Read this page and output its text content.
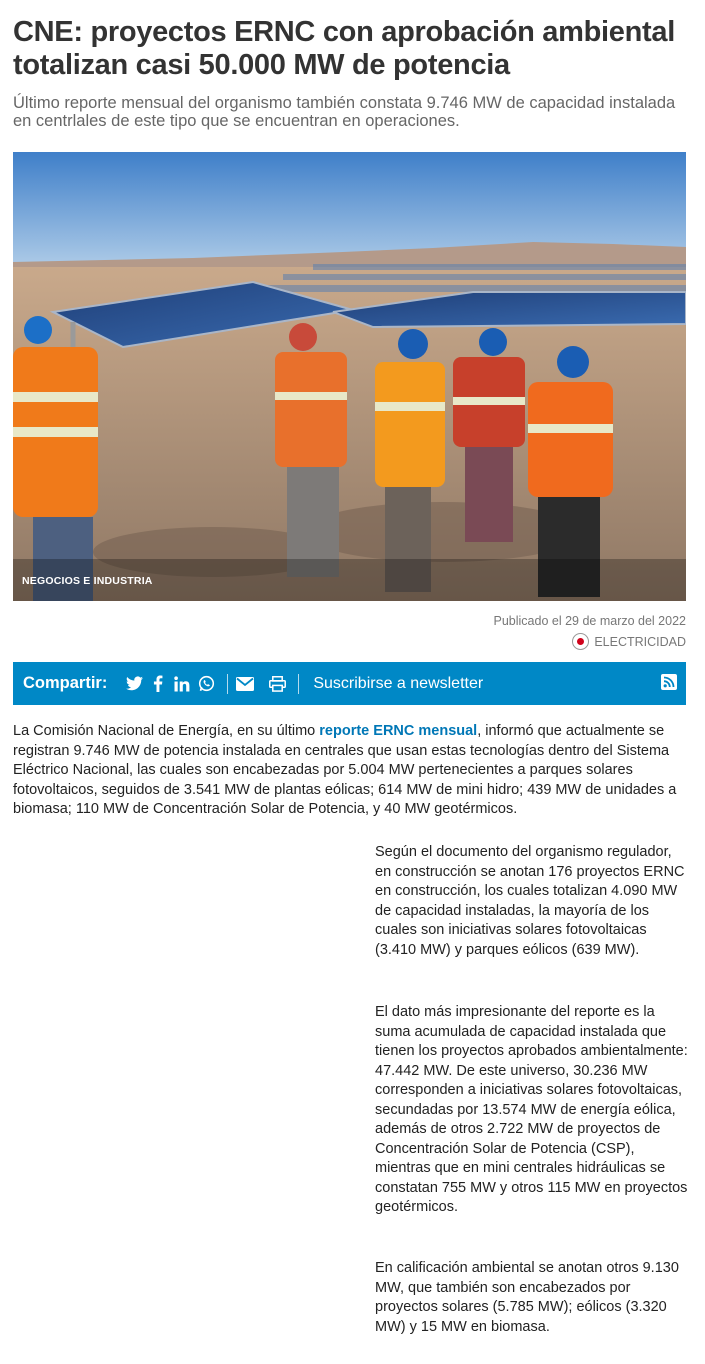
CNE: proyectos ERNC con aprobación ambiental totalizan casi 50.000 MW de potencia

Último reporte mensual del organismo también constata 9.746 MW de capacidad instalada en centrlales de este tipo que se encuentran en operaciones.

NEGOCIOS E INDUSTRIA
Publicado el 29 de marzo del 2022
ELECTRICIDAD
Compartir:	Suscribirse a newsletter

La Comisión Nacional de Energía, en su último reporte ERNC mensual, informó que actualmente se registran 9.746 MW de potencia instalada en centrales que usan estas tecnologías dentro del Sistema Eléctrico Nacional, las cuales son encabezadas por 5.004 MW pertenecientes a parques solares fotovoltaicos, seguidos de 3.541 MW de plantas eólicas; 614 MW de mini hidro; 439 MW de unidades a biomasa; 110 MW de Concentración Solar de Potencia, y 40 MW geotérmicos.

Según el documento del organismo regulador, en construcción se anotan 176 proyectos ERNC en construcción, los cuales totalizan 4.090 MW de capacidad instaladas, la mayoría de los cuales son iniciativas solares fotovoltaicas (3.410 MW) y parques eólicos (639 MW).

El dato más impresionante del reporte es la suma acumulada de capacidad instalada que tienen los proyectos aprobados ambientalmente: 47.442 MW. De este universo, 30.236 MW corresponden a iniciativas solares fotovoltaicas, secundadas por 13.574 MW de energía eólica, además de otros 2.722 MW de proyectos de Concentración Solar de Potencia (CSP), mientras que en mini centrales hidráulicas se constatan 755 MW y otros 115 MW en proyectos geotérmicos.

En calificación ambiental se anotan otros 9.130 MW, que también son encabezados por proyectos solares (5.785 MW); eólicos (3.320 MW) y 15 MW en biomasa.
